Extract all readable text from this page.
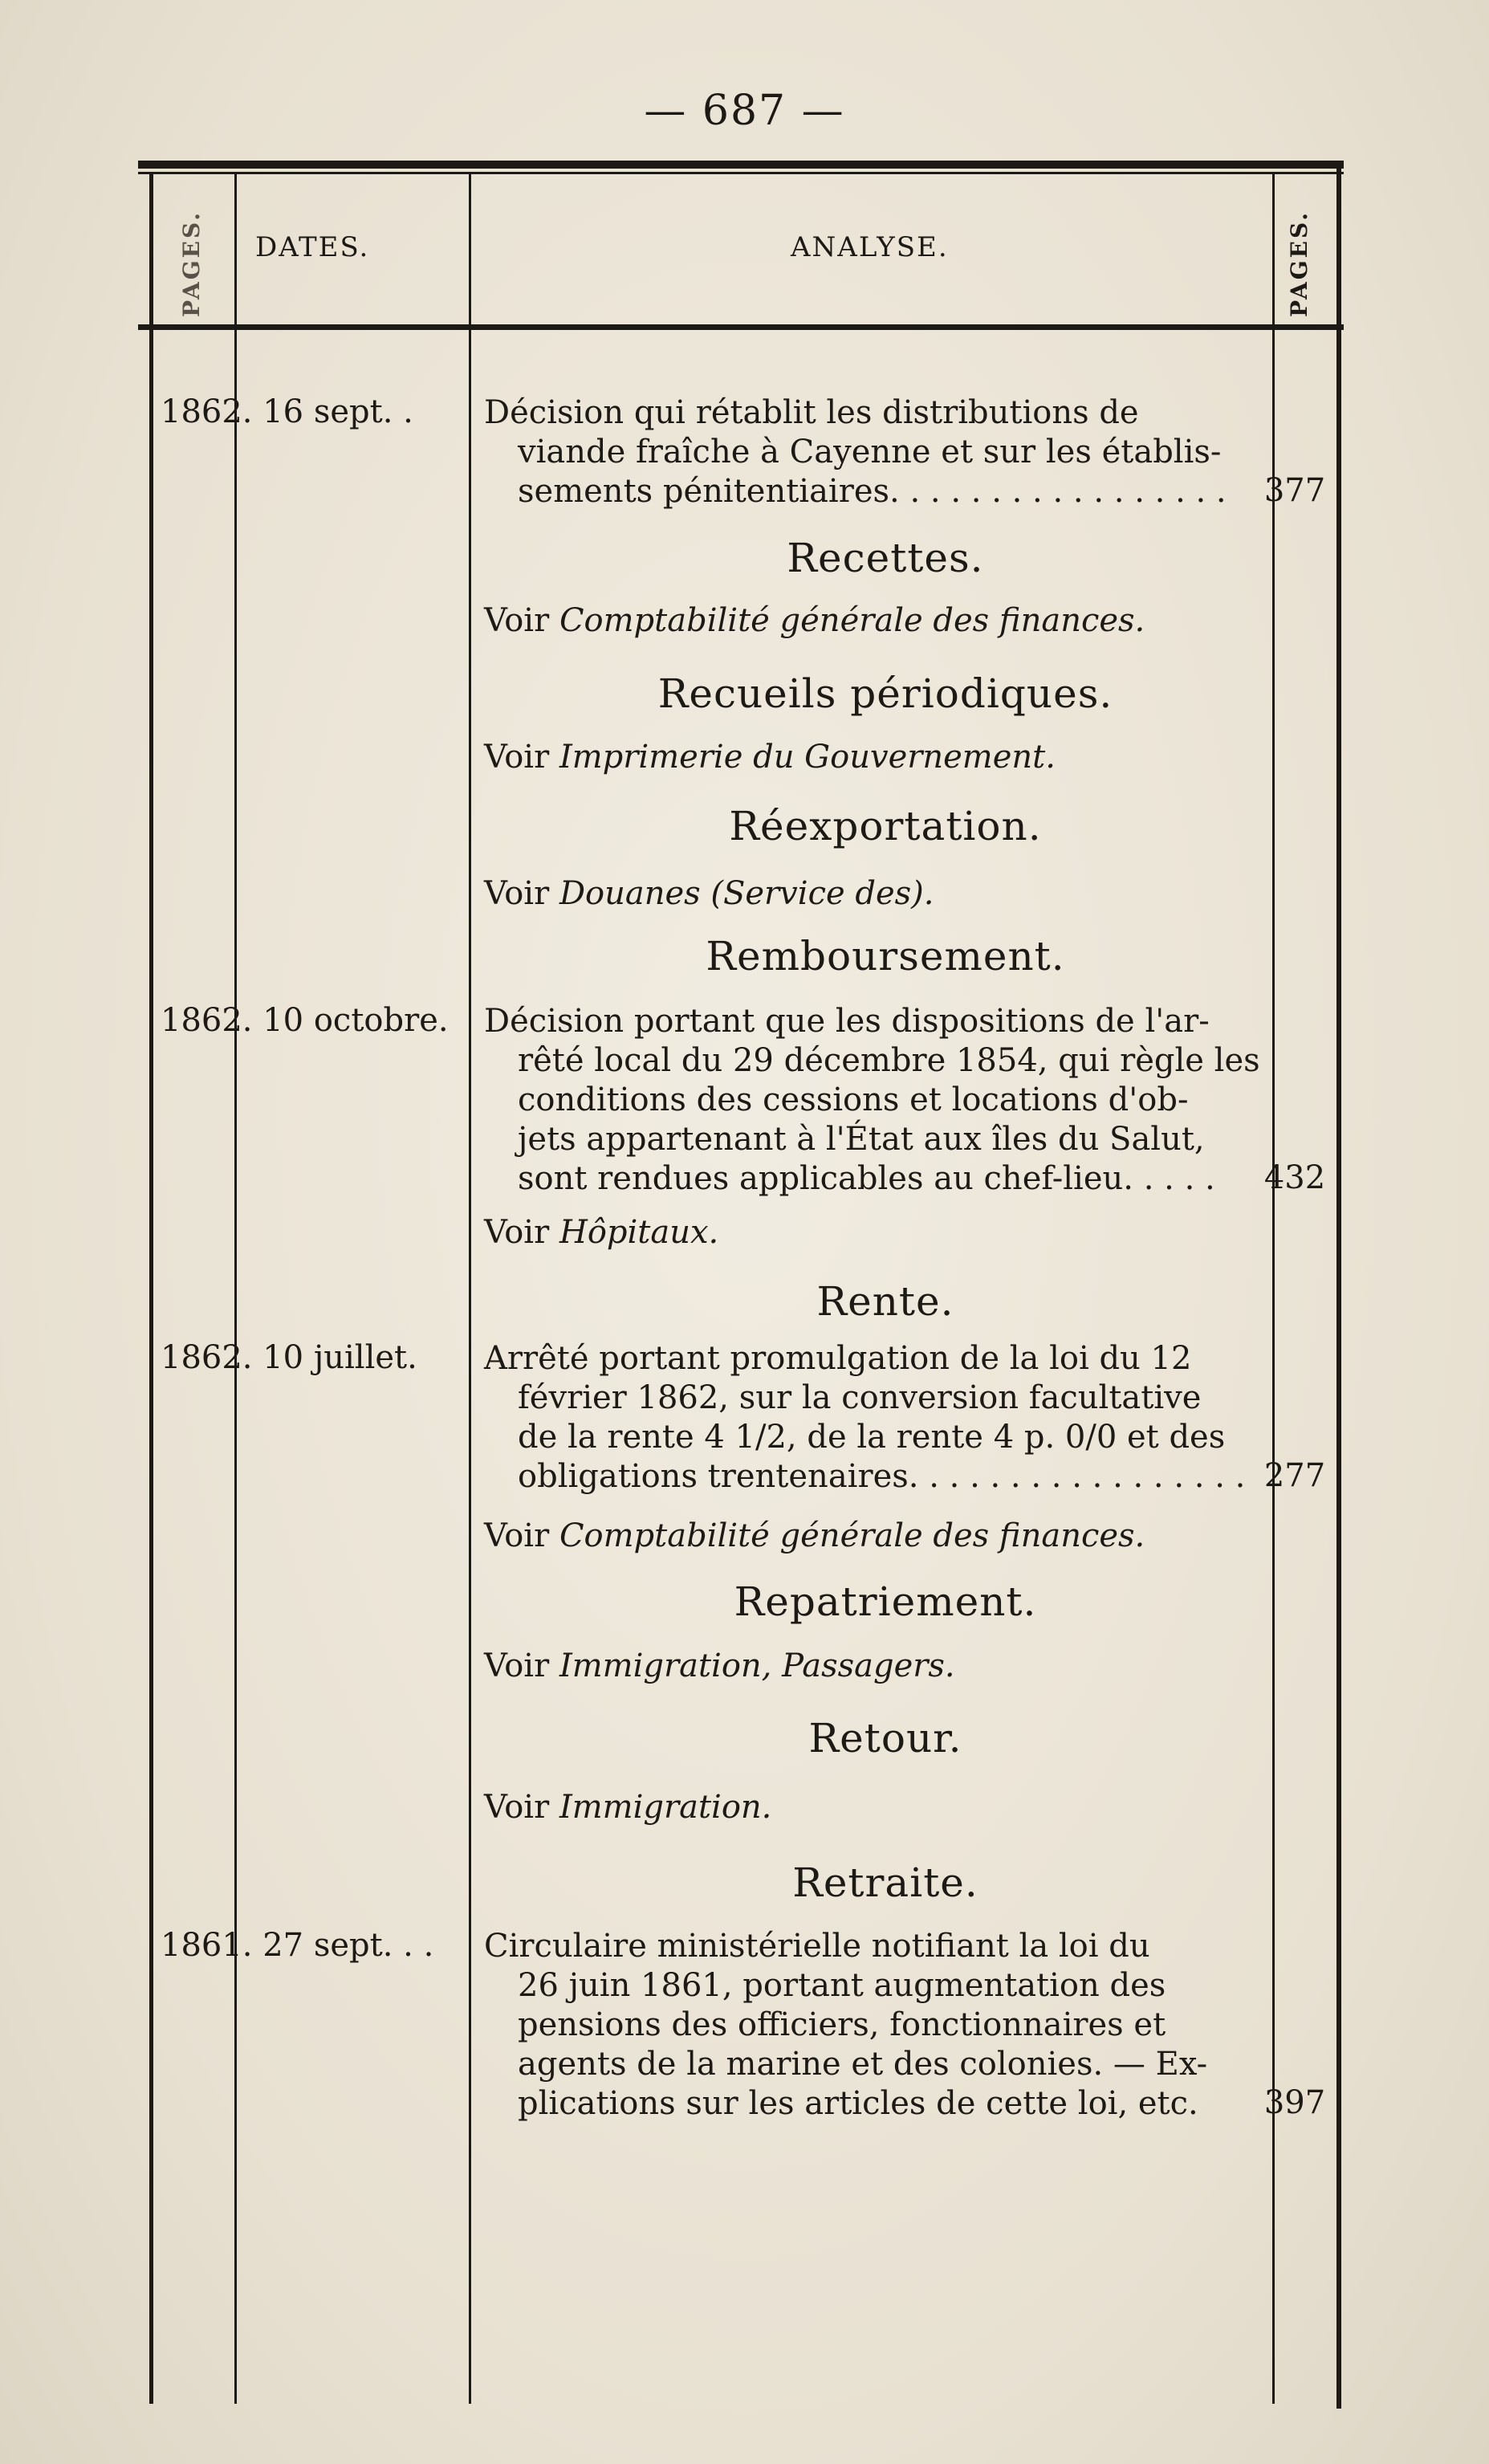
— 687 —
PAGES. DATES.	ANALYSE.	PAGES.
1862. 16 sept. . Décision qui rétablit les distributions de
viande fraîche à Cayenne et sur les établis-
sements pénitentiaires. . . . . . . . . . . . . . . . .	377
Recettes.
Voir Comptabilité générale des finances.
Recueils périodiques.
Voir Imprimerie du Gouvernement.
Réexportation.
Voir Douanes (Service des).
Remboursement.
1862. 10 octobre. Décision portant que les dispositions de l'ar-
rêté local du 29 décembre 1854, qui règle les
conditions des cessions et locations d'ob-
jets appartenant à l'État aux îles du Salut,
sont rendues applicables au chef-lieu. . . . .	432
Voir Hôpitaux.
Rente.
1862. 10 juillet. Arrêté portant promulgation de la loi du 12
février 1862, sur la conversion facultative
de la rente 4 1/2, de la rente 4 p. 0/0 et des
obligations trentenaires. . . . . . . . . . . . . . . . . 277
Voir Comptabilité générale des finances.
Repatriement.
Voir Immigration, Passagers.
Retour.
Voir Immigration.
Retraite.
1861. 27 sept. . . Circulaire ministérielle notifiant la loi du
26 juin 1861, portant augmentation des
pensions des officiers, fonctionnaires et
agents de la marine et des colonies. — Ex-
plications sur les articles de cette loi, etc.	397
